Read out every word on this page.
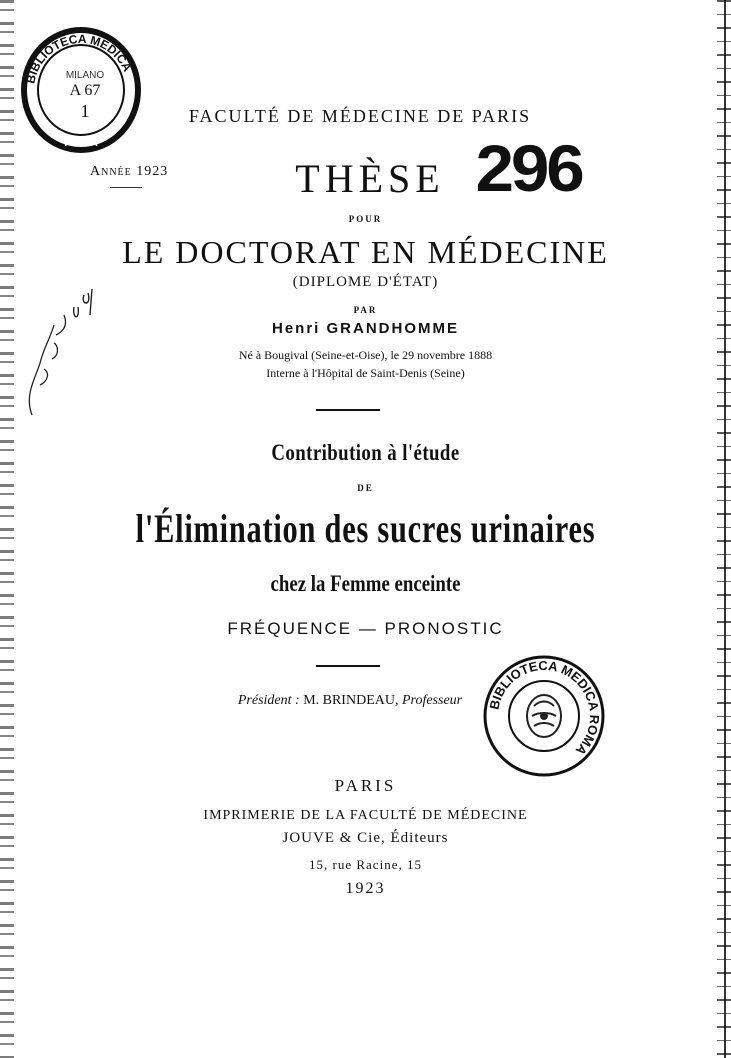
BIBLIOTECA MEDICA
ROMA
MILANO
A 67
1	FACULTÉ DE MÉDECINE DE PARIS
Année 1923	THÈSE 296
POUR
LE DOCTORAT EN MÉDECINE
(DIPLOME D'ÉTAT)
PAR
Henri GRANDHOMME
Né à Bougival (Seine-et-Oise), le 29 novembre 1888
Interne à l'Hôpital de Saint-Denis (Seine)
Contribution à l'étude
DE
l'Élimination des sucres urinaires
chez la Femme enceinte
FRÉQUENCE — PRONOSTIC
Président : M. BRINDEAU, Professeur	BIBLIOTECA MEDICA ROMA
PARIS
IMPRIMERIE DE LA FACULTÉ DE MÉDECINE
JOUVE & Cie, Éditeurs
15, rue Racine, 15
1923
